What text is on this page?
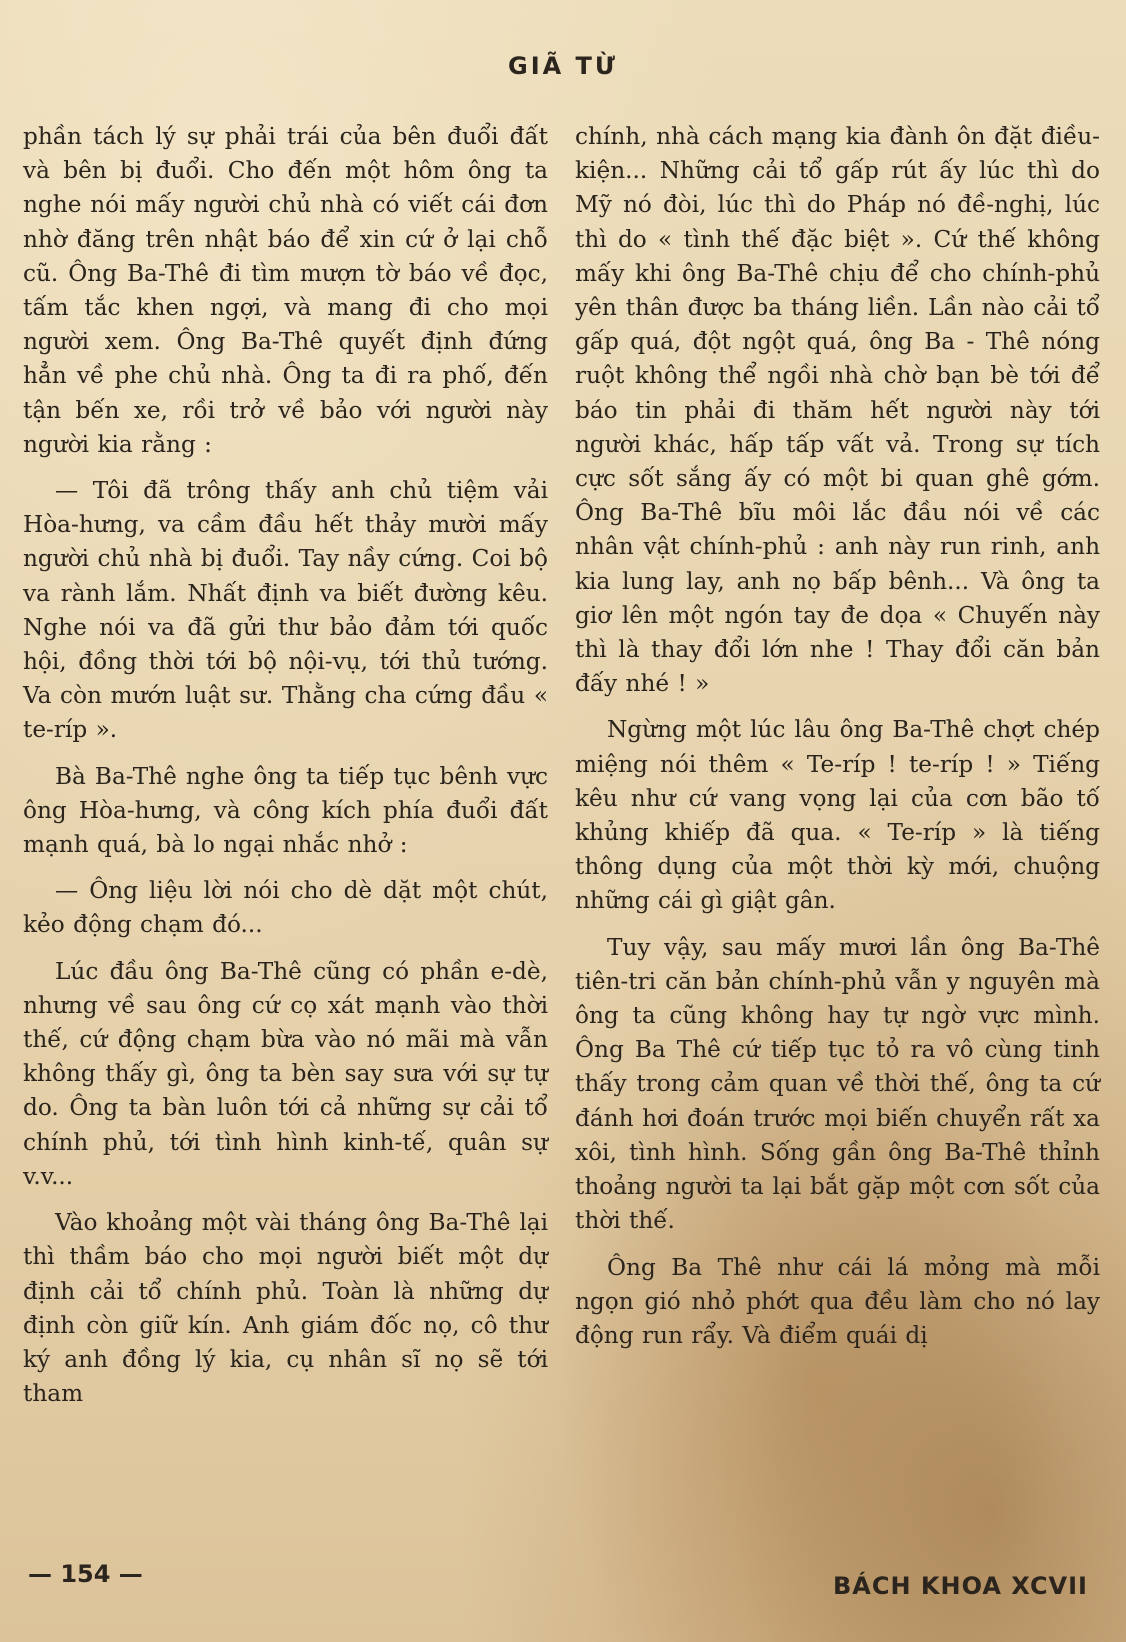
GIÃ TỪ

phần tách lý sự phải trái của bên đuổi đất và bên bị đuổi. Cho đến một hôm ông ta nghe nói mấy người chủ nhà có viết cái đơn nhờ đăng trên nhật báo để xin cứ ở lại chỗ cũ. Ông Ba-Thê đi tìm mượn tờ báo về đọc, tấm tắc khen ngợi, và mang đi cho mọi người xem. Ông Ba-Thê quyết định đứng hẳn về phe chủ nhà. Ông ta đi ra phố, đến tận bến xe, rồi trở về bảo với người này người kia rằng :

— Tôi đã trông thấy anh chủ tiệm vải Hòa-hưng, va cầm đầu hết thảy mười mấy người chủ nhà bị đuổi. Tay nầy cứng. Coi bộ va rành lắm. Nhất định va biết đường kêu. Nghe nói va đã gửi thư bảo đảm tới quốc hội, đồng thời tới bộ nội-vụ, tới thủ tướng. Va còn mướn luật sư. Thằng cha cứng đầu « te-ríp ».

Bà Ba-Thê nghe ông ta tiếp tục bênh vực ông Hòa-hưng, và công kích phía đuổi đất mạnh quá, bà lo ngại nhắc nhở :

— Ông liệu lời nói cho dè dặt một chút, kẻo động chạm đó...

Lúc đầu ông Ba-Thê cũng có phần e-dè, nhưng về sau ông cứ cọ xát mạnh vào thời thế, cứ động chạm bừa vào nó mãi mà vẫn không thấy gì, ông ta bèn say sưa với sự tự do. Ông ta bàn luôn tới cả những sự cải tổ chính phủ, tới tình hình kinh-tế, quân sự v.v...

Vào khoảng một vài tháng ông Ba-Thê lại thì thầm báo cho mọi người biết một dự định cải tổ chính phủ. Toàn là những dự định còn giữ kín. Anh giám đốc nọ, cô thư ký anh đồng lý kia, cụ nhân sĩ nọ sẽ tới tham

chính, nhà cách mạng kia đành ôn đặt điều-kiện... Những cải tổ gấp rút ấy lúc thì do Mỹ nó đòi, lúc thì do Pháp nó đề-nghị, lúc thì do « tình thế đặc biệt ». Cứ thế không mấy khi ông Ba-Thê chịu để cho chính-phủ yên thân được ba tháng liền. Lần nào cải tổ gấp quá, đột ngột quá, ông Ba - Thê nóng ruột không thể ngồi nhà chờ bạn bè tới để báo tin phải đi thăm hết người này tới người khác, hấp tấp vất vả. Trong sự tích cực sốt sắng ấy có một bi quan ghê gớm. Ông Ba-Thê bĩu môi lắc đầu nói về các nhân vật chính-phủ : anh này run rinh, anh kia lung lay, anh nọ bấp bênh... Và ông ta giơ lên một ngón tay đe dọa « Chuyến này thì là thay đổi lớn nhe ! Thay đổi căn bản đấy nhé ! »

Ngừng một lúc lâu ông Ba-Thê chợt chép miệng nói thêm « Te-ríp ! te-ríp ! » Tiếng kêu như cứ vang vọng lại của cơn bão tố khủng khiếp đã qua. « Te-ríp » là tiếng thông dụng của một thời kỳ mới, chuộng những cái gì giật gân.

Tuy vậy, sau mấy mươi lần ông Ba-Thê tiên-tri căn bản chính-phủ vẫn y nguyên mà ông ta cũng không hay tự ngờ vực mình. Ông Ba Thê cứ tiếp tục tỏ ra vô cùng tinh thấy trong cảm quan về thời thế, ông ta cứ đánh hơi đoán trước mọi biến chuyển rất xa xôi, tình hình. Sống gần ông Ba-Thê thỉnh thoảng người ta lại bắt gặp một cơn sốt của thời thế.

Ông Ba Thê như cái lá mỏng mà mỗi ngọn gió nhỏ phớt qua đều làm cho nó lay động run rẩy. Và điểm quái dị

— 154 —	BÁCH KHOA XCVII
